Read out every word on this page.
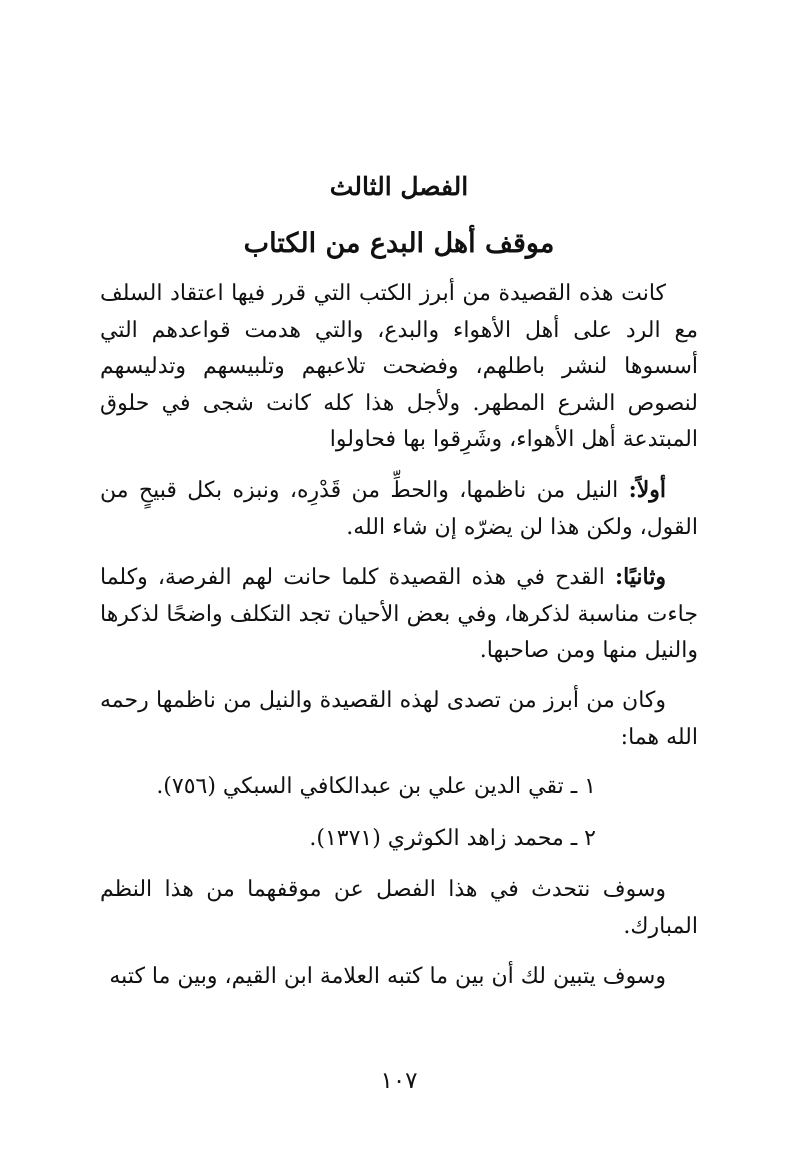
الفصل الثالث
موقف أهل البدع من الكتاب

كانت هذه القصيدة من أبرز الكتب التي قرر فيها اعتقاد السلف مع الرد على أهل الأهواء والبدع، والتي هدمت قواعدهم التي أسسوها لنشر باطلهم، وفضحت تلاعبهم وتلبيسهم وتدليسهم لنصوص الشرع المطهر. ولأجل هذا كله كانت شجى في حلوق المبتدعة أهل الأهواء، وشَرِقوا بها فحاولوا

أولاً: النيل من ناظمها، والحطِّ من قَدْرِه، ونبزه بكل قبيحٍ من القول، ولكن هذا لن يضرّه إن شاء الله.

وثانيًا: القدح في هذه القصيدة كلما حانت لهم الفرصة، وكلما جاءت مناسبة لذكرها، وفي بعض الأحيان تجد التكلف واضحًا لذكرها والنيل منها ومن صاحبها.

وكان من أبرز من تصدى لهذه القصيدة والنيل من ناظمها رحمه الله هما:

١ ـ تقي الدين علي بن عبدالكافي السبكي (٧٥٦).

٢ ـ محمد زاهد الكوثري (١٣٧١).

وسوف نتحدث في هذا الفصل عن موقفهما من هذا النظم المبارك.

وسوف يتبين لك أن بين ما كتبه العلامة ابن القيم، وبين ما كتبه

١٠٧
